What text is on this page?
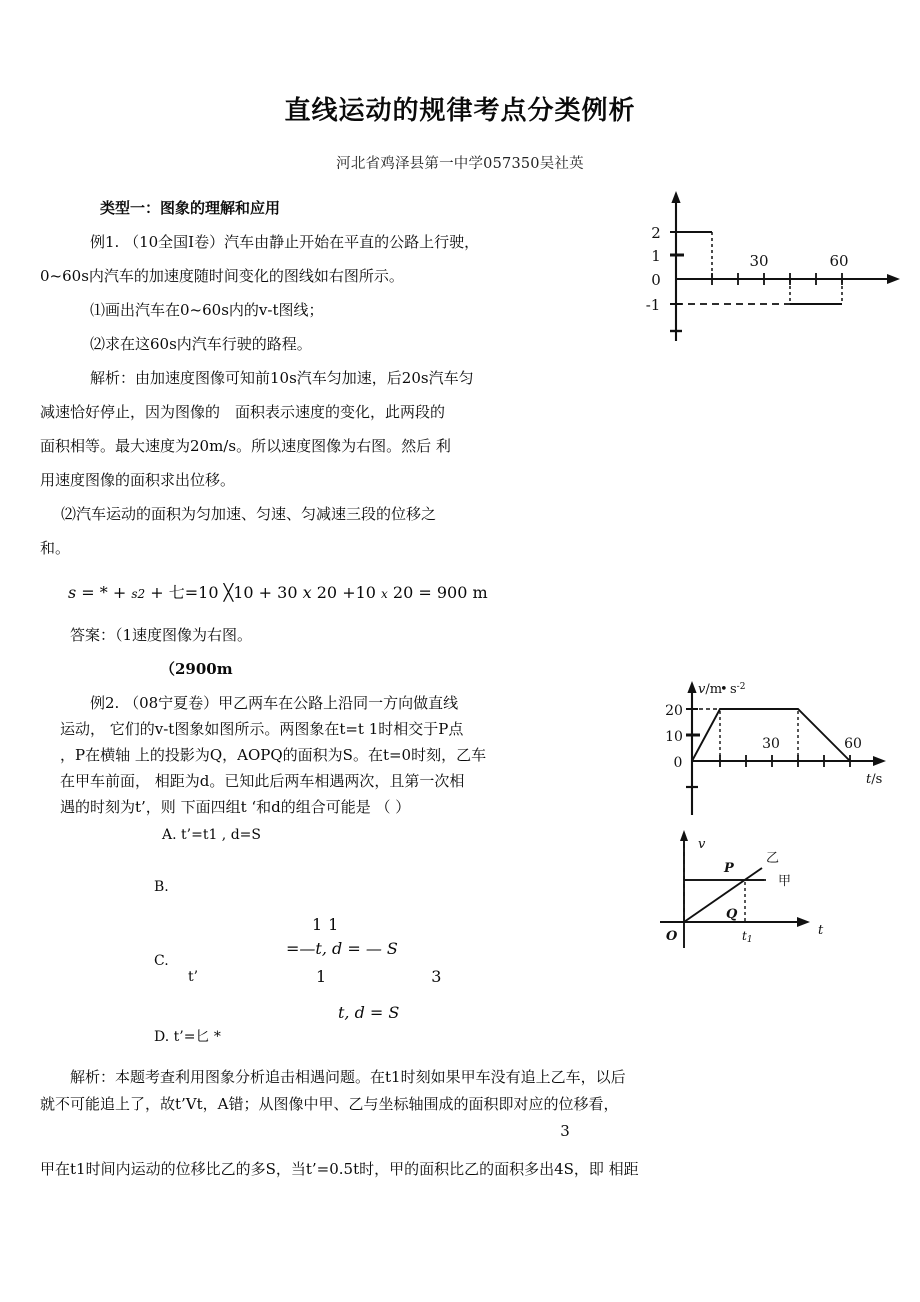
直线运动的规律考点分类例析
河北省鸡泽县第一中学057350吴社英
类型一：图象的理解和应用
2
1
0
-1
30	60
v/m
• $s^{-2}$
t/s
20
10
0
30	60
v
t
O
甲
乙
P
Q
t1

例1. （10全国Ⅰ卷）汽车由静止开始在平直的公路上行驶，

0~60s内汽车的加速度随时间变化的图线如右图所示。

⑴画出汽车在0~60s内的v-t图线；

⑵求在这60s内汽车行驶的路程。

解析：由加速度图像可知前10s汽车匀加速，后20s汽车匀

减速恰好停止，因为图像的　面积表示速度的变化，此两段的

面积相等。最大速度为20m/s。所以速度图像为右图。然后 利

用速度图像的面积求出位移。

⑵汽车运动的面积为匀加速、匀速、匀减速三段的位移之

和。

s = * + s2 + 七=10 ╳10 + 30 x 20 +10 x 20 = 900 m

答案：（1速度图像为右图。

（2900m

例2. （08宁夏卷）甲乙两车在公路上沿同一方向做直线

运动， 它们的v-t图象如图所示。两图象在t=t 1时相交于P点

，P在横轴 上的投影为Q，AOPQ的面积为S。在t=0时刻，乙车

在甲车前面， 相距为d。已知此后两车相遇两次，且第一次相

遇的时刻为t’，则 下面四组t ‘和d的组合可能是 （ ）

A. t’=t1 , d=S
B.
C.
t’
11
=—t, d = — S
1 3
t, d = S
D. t’=匕 *

解析：本题考查利用图象分析追击相遇问题。在t1时刻如果甲车没有追上乙车，以后

就不可能追上了，故t’Vt，A错；从图像中甲、乙与坐标轴围成的面积即对应的位移看，

3

甲在t1时间内运动的位移比乙的多S，当t’=0.5t时，甲的面积比乙的面积多出4S，即 相距
